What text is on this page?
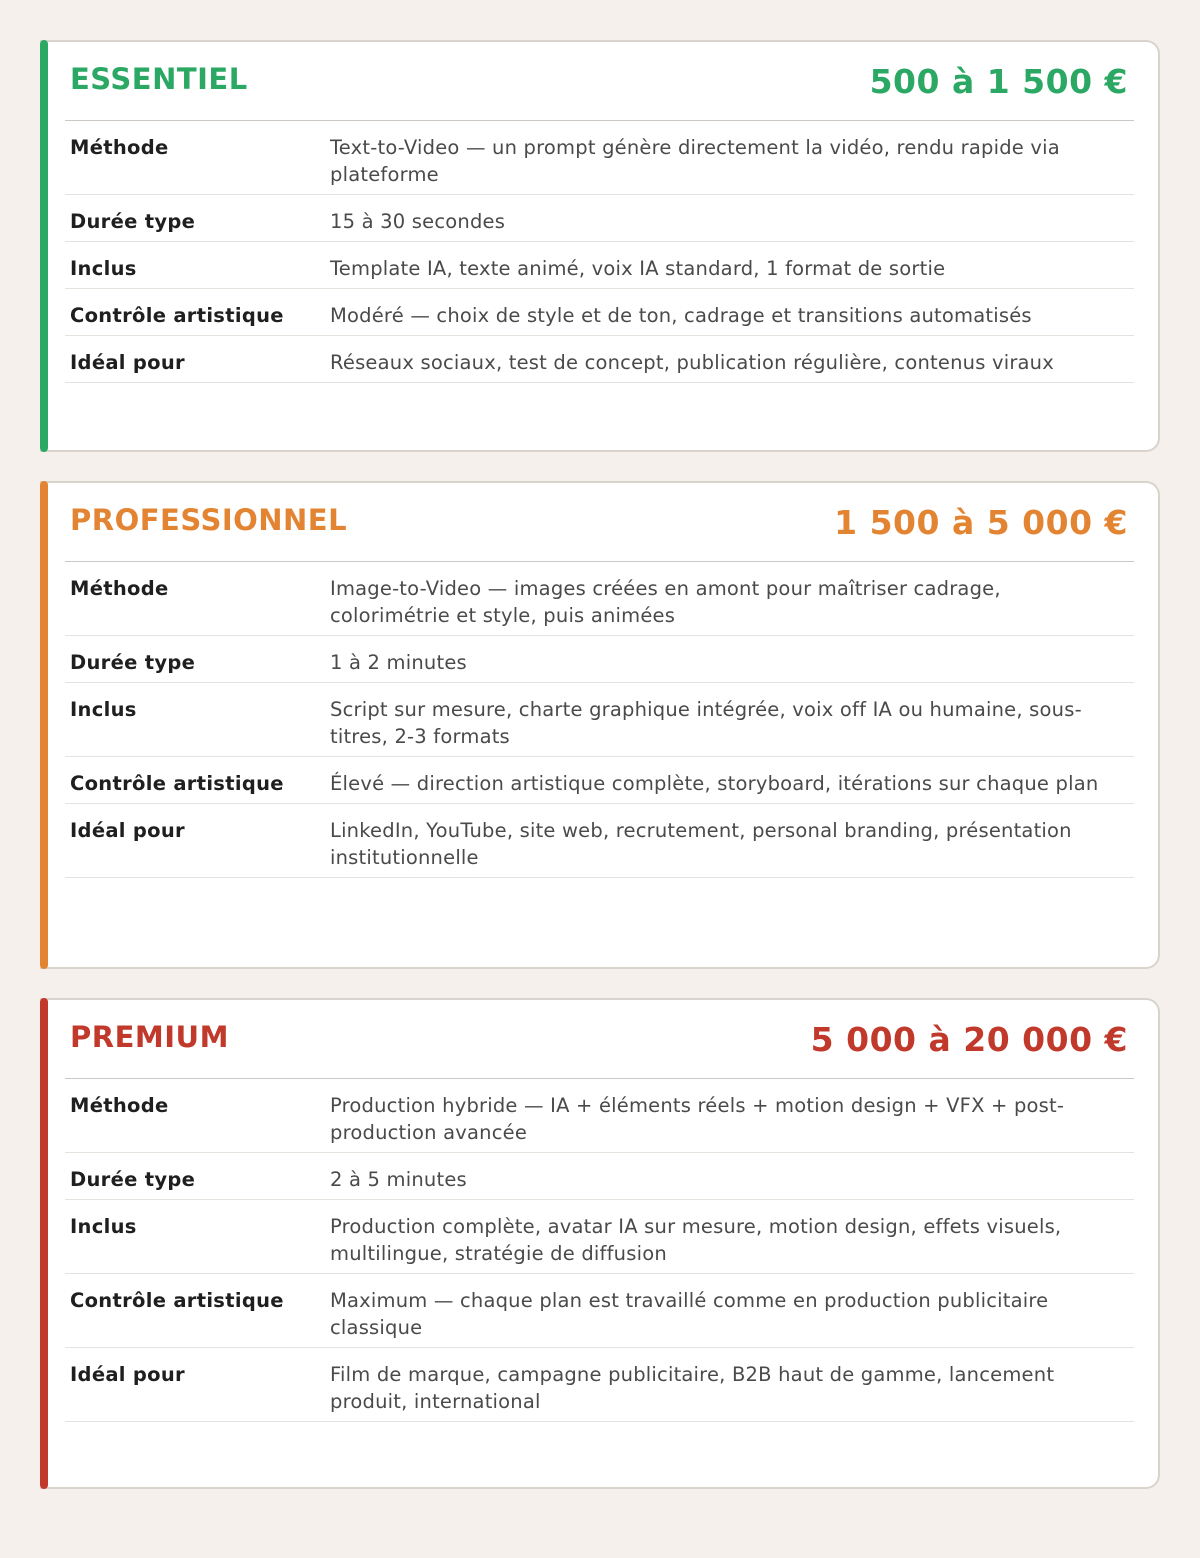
ESSENTIEL	500 à 1 500 €
Méthode	Text-to-Video — un prompt génère directement la vidéo, rendu rapide via plateforme
Durée type	15 à 30 secondes
Inclus	Template IA, texte animé, voix IA standard, 1 format de sortie
Contrôle artistique	Modéré — choix de style et de ton, cadrage et transitions automatisés
Idéal pour	Réseaux sociaux, test de concept, publication régulière, contenus viraux
PROFESSIONNEL	1 500 à 5 000 €
Méthode	Image-to-Video — images créées en amont pour maîtriser cadrage, colorimétrie et style, puis animées
Durée type	1 à 2 minutes
Inclus	Script sur mesure, charte graphique intégrée, voix off IA ou humaine, sous-titres, 2-3 formats
Contrôle artistique	Élevé — direction artistique complète, storyboard, itérations sur chaque plan
Idéal pour	LinkedIn, YouTube, site web, recrutement, personal branding, présentation institutionnelle
PREMIUM	5 000 à 20 000 €
Méthode	Production hybride — IA + éléments réels + motion design + VFX + post-production avancée
Durée type	2 à 5 minutes
Inclus	Production complète, avatar IA sur mesure, motion design, effets visuels, multilingue, stratégie de diffusion
Contrôle artistique	Maximum — chaque plan est travaillé comme en production publicitaire classique
Idéal pour	Film de marque, campagne publicitaire, B2B haut de gamme, lancement produit, international
